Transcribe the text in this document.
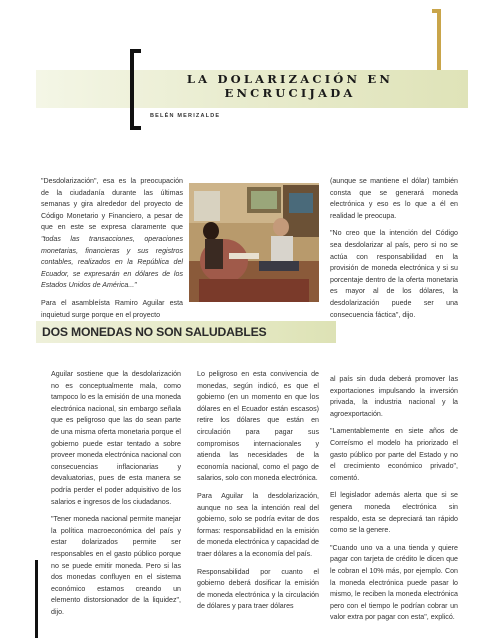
LA DOLARIZACIÓN EN
ENCRUCIJADA
BELÉN MERIZALDE

"Desdolarización", esa es la preocupación de la ciudadanía durante las últimas semanas y gira alrededor del proyecto de Código Monetario y Financiero, a pesar de que en este se expresa claramente que "todas las transacciones, operaciones monetarias, financieras y sus registros contables, realizados en la República del Ecuador, se expresarán en dólares de los Estados Unidos de América..."

Para el asambleísta Ramiro Aguilar esta inquietud surge porque en el proyecto

(aunque se mantiene el dólar) también consta que se generará moneda electrónica y eso es lo que a él en realidad le preocupa.

"No creo que la intención del Código sea desdolarizar al país, pero si no se actúa con responsabilidad en la provisión de moneda electrónica y si su porcentaje dentro de la oferta monetaria es mayor al de los dólares, la desdolarización puede ser una consecuencia fáctica", dijo.

DOS MONEDAS NO SON SALUDABLES

Aguilar sostiene que la desdolarización no es conceptualmente mala, como tampoco lo es la emisión de una moneda electrónica nacional, sin embargo señala que es peligroso que las do sean parte de una misma oferta monetaria porque el gobierno puede estar tentado a sobre proveer moneda electrónica nacional con consecuencias inflacionarias y devaluatorias, pues de esta manera se podría perder el poder adquisitivo de los salarios e ingresos de los ciudadanos.

"Tener moneda nacional permite manejar la política macroeconómica del país y estar dolarizados permite ser responsables en el gasto público porque no se puede emitir moneda. Pero si las dos monedas confluyen en el sistema económico estamos creando un elemento distorsionador de la liquidez", dijo.

Lo peligroso en esta convivencia de monedas, según indicó, es que el gobierno (en un momento en que los dólares en el Ecuador están escasos) retire los dólares que están en circulación para pagar sus compromisos internacionales y atienda las necesidades de la economía nacional, como el pago de salarios, solo con moneda electrónica.

Para Aguilar la desdolarización, aunque no sea la intención real del gobierno, solo se podría evitar de dos formas: responsabilidad en la emisión de moneda electrónica y capacidad de traer dólares a la economía del país.

Responsabilidad por cuanto el gobierno deberá dosificar la emisión de moneda electrónica y la circulación de dólares y para traer dólares

al país sin duda deberá promover las exportaciones impulsando la inversión privada, la industria nacional y la agroexportación.

"Lamentablemente en siete años de Correísmo el modelo ha priorizado el gasto público por parte del Estado y no el crecimiento económico privado", comentó.

El legislador además alerta que si se genera moneda electrónica sin respaldo, esta se depreciará tan rápido como se la genere.

"Cuando uno va a una tienda y quiere pagar con tarjeta de crédito le dicen que le cobran el 10% más, por ejemplo. Con la moneda electrónica puede pasar lo mismo, le reciben la moneda electrónica pero con el tiempo le podrían cobrar un valor extra por pagar con esta", explicó.
